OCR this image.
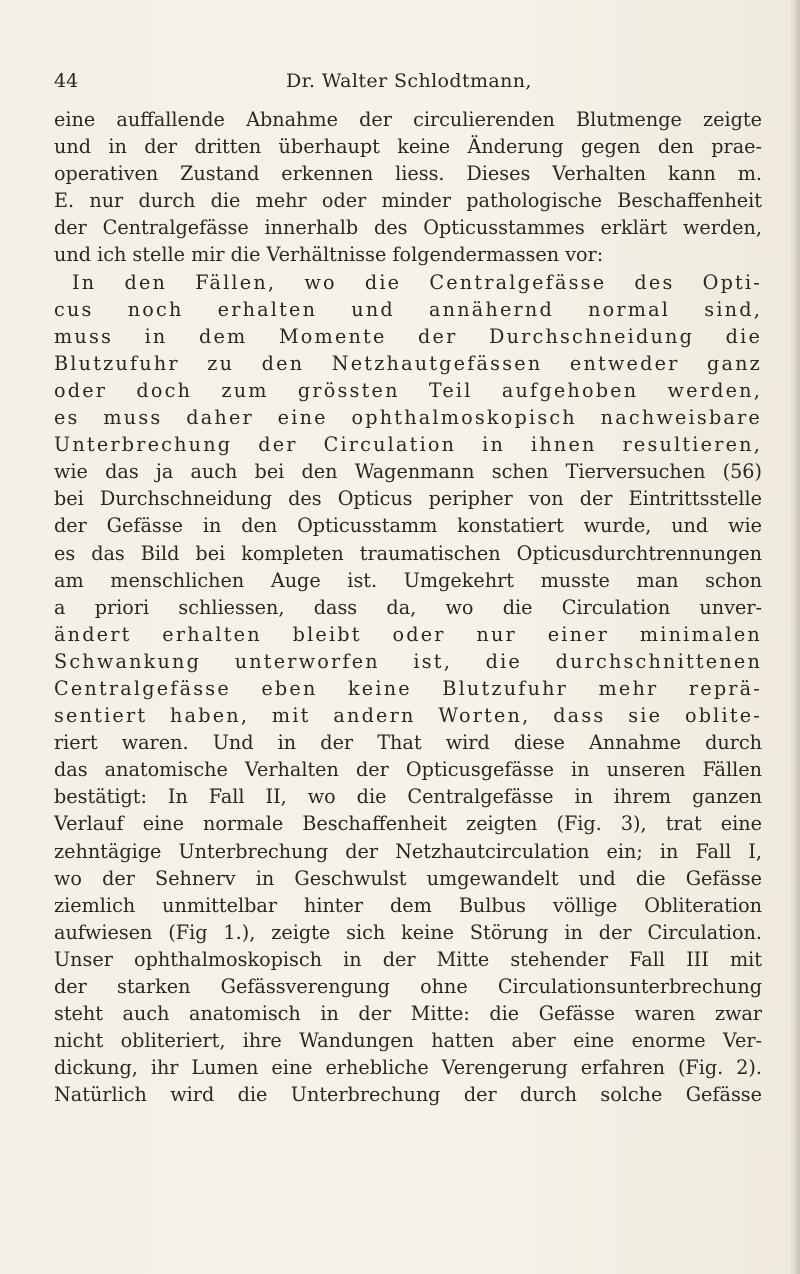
44	Dr. Walter Schlodtmann,
eine auffallende Abnahme der circulierenden Blutmenge zeigte
und in der dritten überhaupt keine Änderung gegen den prae-
operativen Zustand erkennen liess. Dieses Verhalten kann m.
E. nur durch die mehr oder minder pathologische Beschaffenheit
der Centralgefässe innerhalb des Opticusstammes erklärt werden,
und ich stelle mir die Verhältnisse folgendermassen vor:
In den Fällen, wo die Centralgefässe des Opti-
cus noch erhalten und annähernd normal sind,
muss in dem Momente der Durchschneidung die
Blutzufuhr zu den Netzhautgefässen entweder ganz
oder doch zum grössten Teil aufgehoben werden,
es muss daher eine ophthalmoskopisch nachweisbare
Unterbrechung der Circulation in ihnen resultieren,
wie das ja auch bei den Wagenmann schen Tierversuchen (56)
bei Durchschneidung des Opticus peripher von der Eintrittsstelle
der Gefässe in den Opticusstamm konstatiert wurde, und wie
es das Bild bei kompleten traumatischen Opticusdurchtrennungen
am menschlichen Auge ist. Umgekehrt musste man schon
a priori schliessen, dass da, wo die Circulation unver-
ändert erhalten bleibt oder nur einer minimalen
Schwankung unterworfen ist, die durchschnittenen
Centralgefässe eben keine Blutzufuhr mehr reprä-
sentiert haben, mit andern Worten, dass sie oblite-
riert waren. Und in der That wird diese Annahme durch
das anatomische Verhalten der Opticusgefässe in unseren Fällen
bestätigt: In Fall II, wo die Centralgefässe in ihrem ganzen
Verlauf eine normale Beschaffenheit zeigten (Fig. 3), trat eine
zehntägige Unterbrechung der Netzhautcirculation ein; in Fall I,
wo der Sehnerv in Geschwulst umgewandelt und die Gefässe
ziemlich unmittelbar hinter dem Bulbus völlige Obliteration
aufwiesen (Fig 1.), zeigte sich keine Störung in der Circulation.
Unser ophthalmoskopisch in der Mitte stehender Fall III mit
der starken Gefässverengung ohne Circulationsunterbrechung
steht auch anatomisch in der Mitte: die Gefässe waren zwar
nicht obliteriert, ihre Wandungen hatten aber eine enorme Ver-
dickung, ihr Lumen eine erhebliche Verengerung erfahren (Fig. 2).
Natürlich wird die Unterbrechung der durch solche Gefässe
